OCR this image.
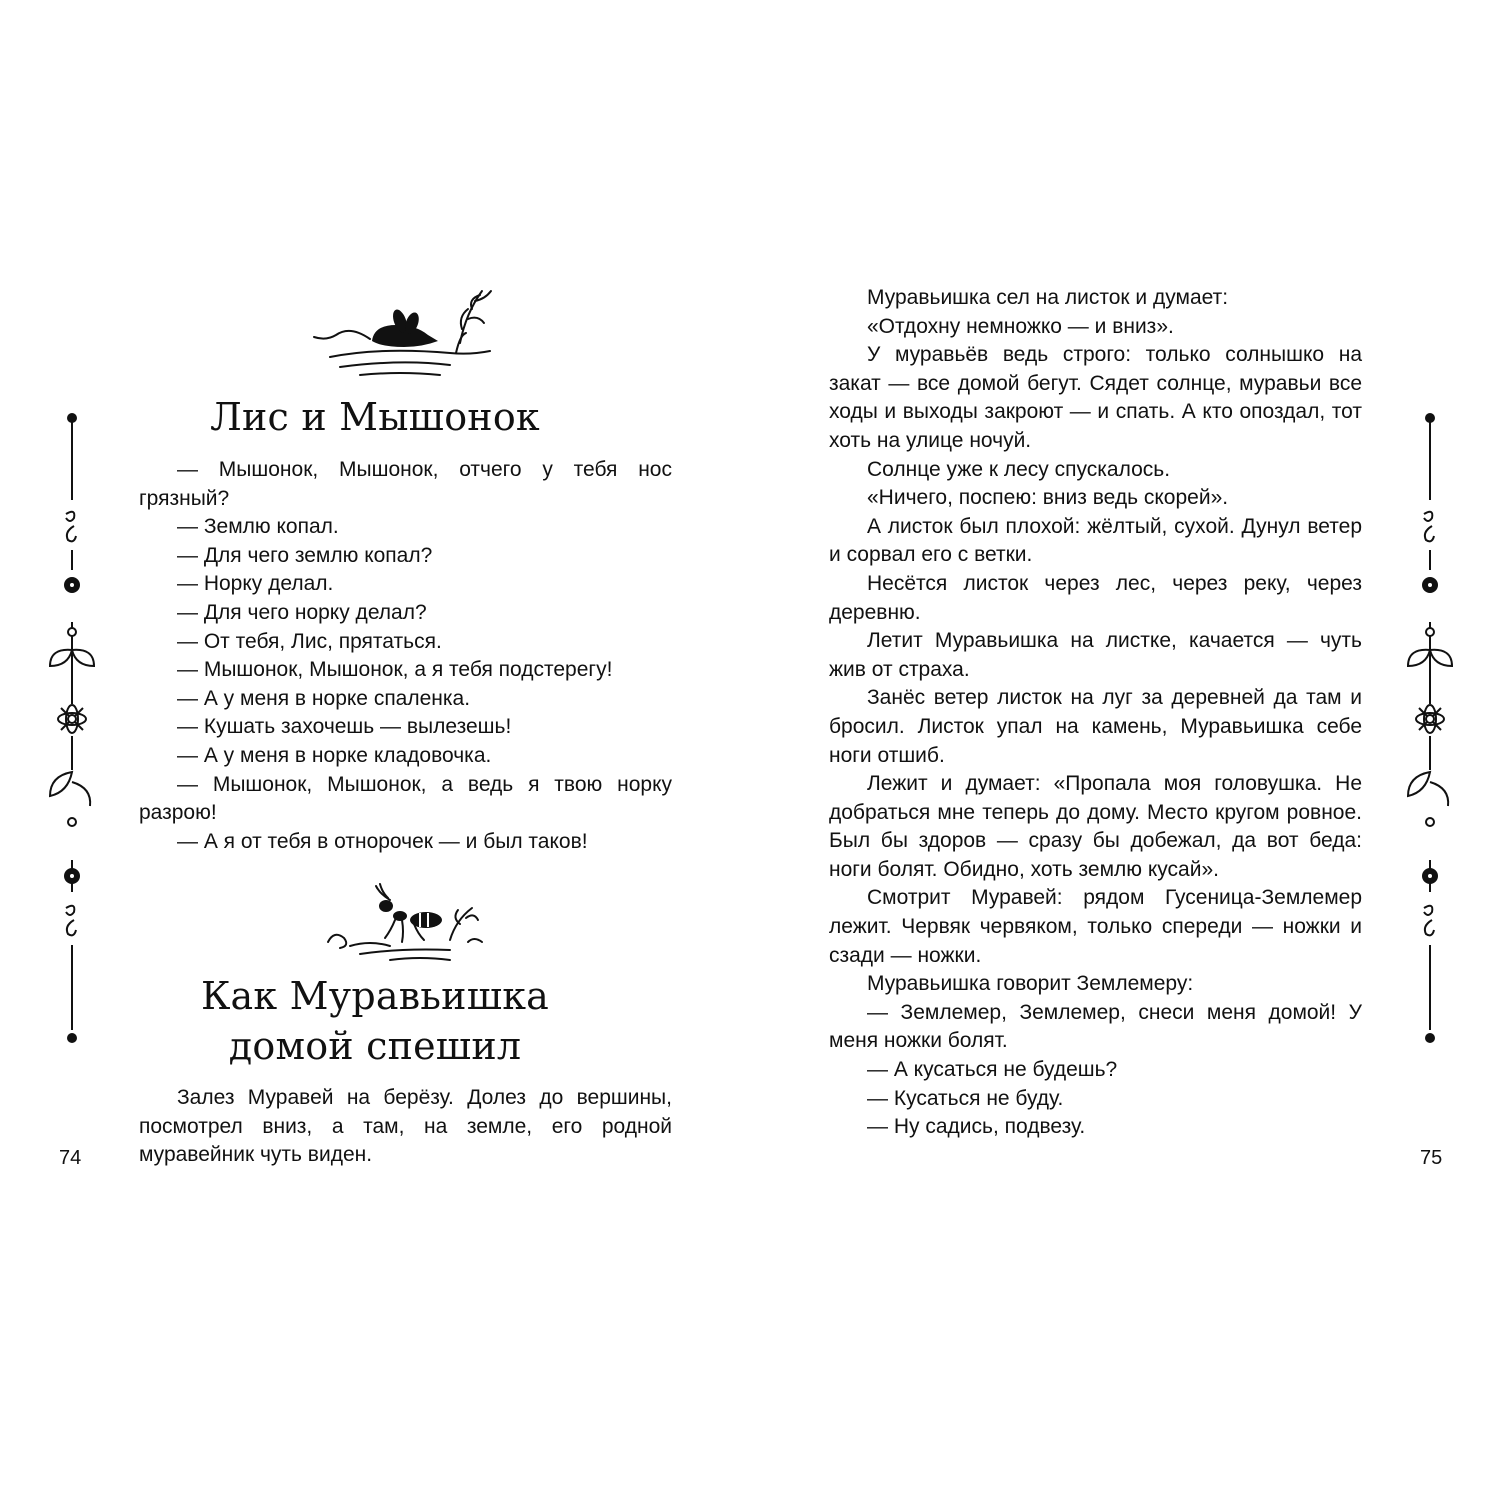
Лис и Мышонок

— Мышонок, Мышонок, отчего у тебя нос грязный?

— Землю копал.

— Для чего землю копал?

— Норку делал.

— Для чего норку делал?

— От тебя, Лис, прятаться.

— Мышонок, Мышонок, а я тебя подстерегу!

— А у меня в норке спаленка.

— Кушать захочешь — вылезешь!

— А у меня в норке кладовочка.

— Мышонок, Мышонок, а ведь я твою норку разрою!

— А я от тебя в отнорочек — и был таков!

Как Муравьишка
домой спешил

Залез Муравей на берёзу. Долез до вершины, посмотрел вниз, а там, на земле, его родной муравейник чуть виден.

74

Муравьишка сел на листок и думает:

«Отдохну немножко — и вниз».

У муравьёв ведь строго: только солнышко на закат — все домой бегут. Сядет солнце, муравьи все ходы и выходы закроют — и спать. А кто опоздал, тот хоть на улице ночуй.

Солнце уже к лесу спускалось.

«Ничего, поспею: вниз ведь скорей».

А листок был плохой: жёлтый, сухой. Дунул ветер и сорвал его с ветки.

Несётся листок через лес, через реку, через деревню.

Летит Муравьишка на листке, качается — чуть жив от страха.

Занёс ветер листок на луг за деревней да там и бросил. Листок упал на камень, Муравьишка себе ноги отшиб.

Лежит и думает: «Пропала моя головушка. Не добраться мне теперь до дому. Место кругом ровное. Был бы здоров — сразу бы добежал, да вот беда: ноги болят. Обидно, хоть землю кусай».

Смотрит Муравей: рядом Гусеница-Землемер лежит. Червяк червяком, только спереди — ножки и сзади — ножки.

Муравьишка говорит Землемеру:

— Землемер, Землемер, снеси меня домой! У меня ножки болят.

— А кусаться не будешь?

— Кусаться не буду.

— Ну садись, подвезу.

75
